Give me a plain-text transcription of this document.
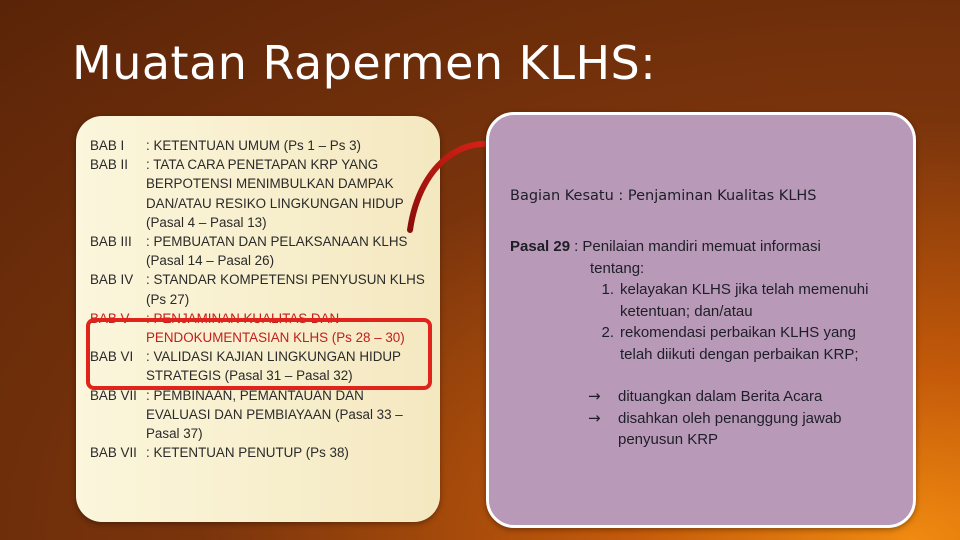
Muatan Rapermen KLHS:
BAB I	: KETENTUAN UMUM (Ps 1 – Ps 3)
BAB II	: TATA CARA PENETAPAN KRP YANG BERPOTENSI MENIMBULKAN DAMPAK DAN/ATAU RESIKO LINGKUNGAN HIDUP (Pasal 4 – Pasal 13)
BAB III	: PEMBUATAN DAN PELAKSANAAN KLHS (Pasal 14 – Pasal 26)
BAB IV : STANDAR KOMPETENSI PENYUSUN KLHS (Ps 27)
BAB V	: PENJAMINAN KUALITAS DAN PENDOKUMENTASIAN KLHS (Ps 28 – 30)
BAB VI : VALIDASI KAJIAN LINGKUNGAN HIDUP STRATEGIS (Pasal 31 – Pasal 32)
BAB VII : PEMBINAAN, PEMANTAUAN DAN EVALUASI DAN PEMBIAYAAN (Pasal 33 – Pasal 37)
BAB VII : KETENTUAN PENUTUP (Ps 38)
Bagian Kesatu : Penjaminan Kualitas KLHS
Pasal 29 : Penilaian mandiri memuat informasi
tentang:
1. kelayakan KLHS jika telah memenuhi ketentuan; dan/atau
2. rekomendasi perbaikan KLHS yang telah diikuti dengan perbaikan KRP;
→	dituangkan dalam Berita Acara
→	disahkan oleh penanggung jawab
penyusun KRP
